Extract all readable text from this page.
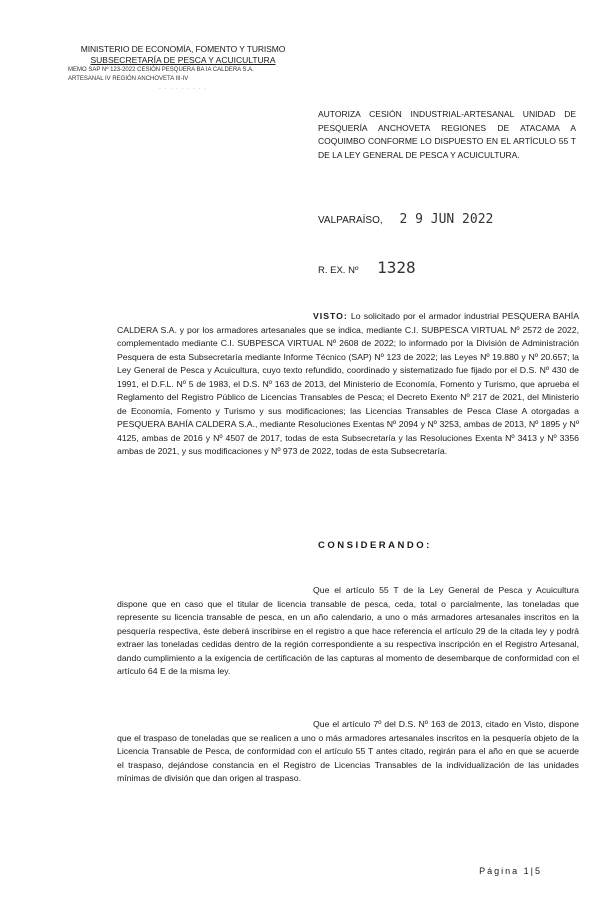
MINISTERIO DE ECONOMÍA, FOMENTO Y TURISMO
SUBSECRETARÍA DE PESCA Y ACUICULTURA
MEMO SAP Nº 123-2022 CESIÓN PESQUERA BA IA CALDERA S.A.
ARTESANAL IV REGIÓN ANCHOVETA III-IV
· · · · · · · · ·
AUTORIZA CESIÓN INDUSTRIAL-ARTESANAL UNIDAD DE PESQUERÍA ANCHOVETA REGIONES DE ATACAMA A COQUIMBO CONFORME LO DISPUESTO EN EL ARTÍCULO 55 T DE LA LEY GENERAL DE PESCA Y ACUICULTURA.
VALPARAÍSO, 2 9 JUN 2022
R. EX. Nº 1328
VISTO: Lo solicitado por el armador industrial PESQUERA BAHÍA CALDERA S.A. y por los armadores artesanales que se indica, mediante C.I. SUBPESCA VIRTUAL Nº 2572 de 2022, complementado mediante C.I. SUBPESCA VIRTUAL Nº 2608 de 2022; lo informado por la División de Administración Pesquera de esta Subsecretaría mediante Informe Técnico (SAP) Nº 123 de 2022; las Leyes Nº 19.880 y Nº 20.657; la Ley General de Pesca y Acuicultura, cuyo texto refundido, coordinado y sistematizado fue fijado por el D.S. Nº 430 de 1991, el D.F.L. Nº 5 de 1983, el D.S. Nº 163 de 2013, del Ministerio de Economía, Fomento y Turismo, que aprueba el Reglamento del Registro Público de Licencias Transables de Pesca; el Decreto Exento Nº 217 de 2021, del Ministerio de Economía, Fomento y Turismo y sus modificaciones; las Licencias Transables de Pesca Clase A otorgadas a PESQUERA BAHÍA CALDERA S.A., mediante Resoluciones Exentas Nº 2094 y Nº 3253, ambas de 2013, Nº 1895 y Nº 4125, ambas de 2016 y Nº 4507 de 2017, todas de esta Subsecretaría y las Resoluciones Exenta Nº 3413 y Nº 3356 ambas de 2021, y sus modificaciones y Nº 973 de 2022, todas de esta Subsecretaría.
CONSIDERANDO:
Que el artículo 55 T de la Ley General de Pesca y Acuicultura dispone que en caso que el titular de licencia transable de pesca, ceda, total o parcialmente, las toneladas que represente su licencia transable de pesca, en un año calendario, a uno o más armadores artesanales inscritos en la pesquería respectiva, éste deberá inscribirse en el registro a que hace referencia el artículo 29 de la citada ley y podrá extraer las toneladas cedidas dentro de la región correspondiente a su respectiva inscripción en el Registro Artesanal, dando cumplimiento a la exigencia de certificación de las capturas al momento de desembarque de conformidad con el artículo 64 E de la misma ley.
Que el artículo 7º del D.S. Nº 163 de 2013, citado en Visto, dispone que el traspaso de toneladas que se realicen a uno o más armadores artesanales inscritos en la pesquería objeto de la Licencia Transable de Pesca, de conformidad con el artículo 55 T antes citado, regirán para el año en que se acuerde el traspaso, dejándose constancia en el Registro de Licencias Transables de la individualización de las unidades mínimas de división que dan origen al traspaso.
Página 1|5
